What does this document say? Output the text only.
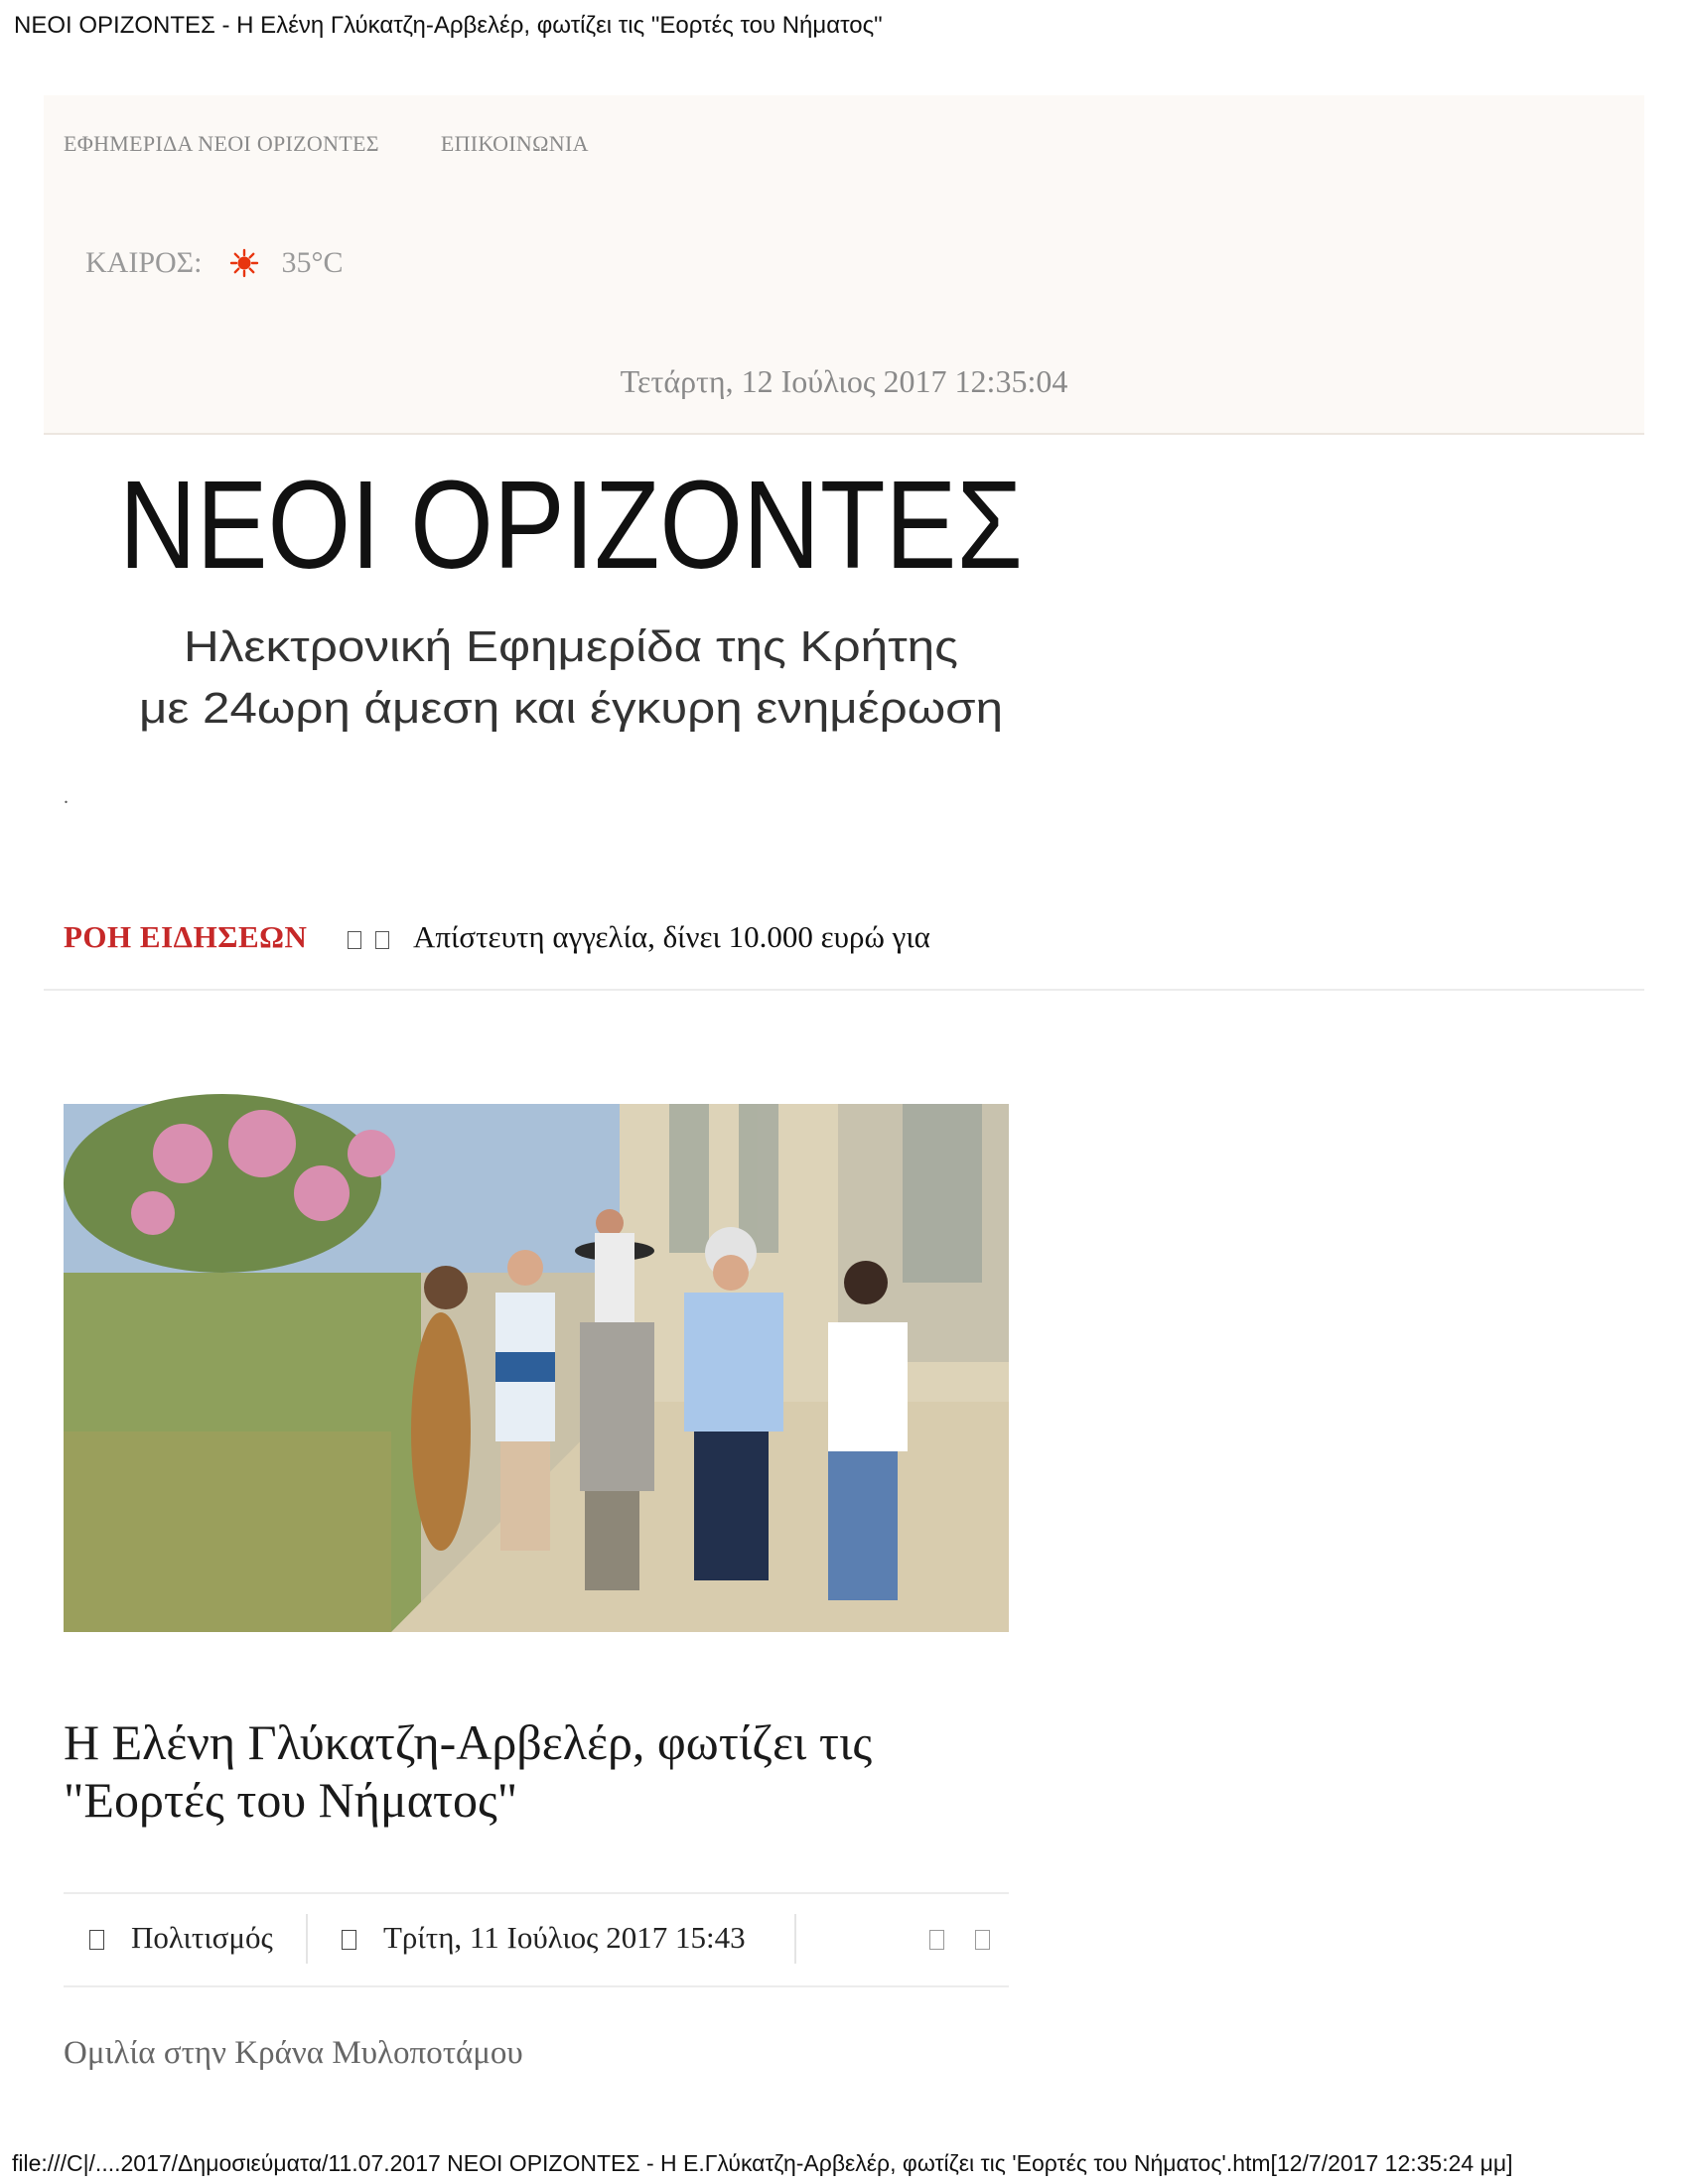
ΝΕΟΙ ΟΡΙΖΟΝΤΕΣ - Η Ελένη Γλύκατζη-Αρβελέρ, φωτίζει τις "Εορτές του Νήματος"
ΕΦΗΜΕΡΙΔΑ ΝΕΟΙ ΟΡΙΖΟΝΤΕΣ	ΕΠΙΚΟΙΝΩΝΙΑ
ΚΑΙΡΟΣ:	35°C
Τετάρτη, 12 Ιούλιος 2017 12:35:04
ΝΕΟΙ ΟΡΙΖΟΝΤΕΣ
Ηλεκτρονική Εφημερίδα της Κρήτης
με 24ωρη άμεση και έγκυρη ενημέρωση
.
ΡΟΗ ΕΙΔΗΣΕΩΝ	Απίστευτη αγγελία, δίνει 10.000 ευρώ για
Η Ελένη Γλύκατζη-Αρβελέρ, φωτίζει τις "Εορτές του Νήματος"
Πολιτισμός	Τρίτη, 11 Ιούλιος 2017 15:43
Ομιλία στην Κράνα Μυλοποτάμου
file:///C|/....2017/Δημοσιεύματα/11.07.2017 ΝΕΟΙ ΟΡΙΖΟΝΤΕΣ - Η Ε.Γλύκατζη-Αρβελέρ, φωτίζει τις 'Εορτές του Νήματος'.htm[12/7/2017 12:35:24 μμ]
